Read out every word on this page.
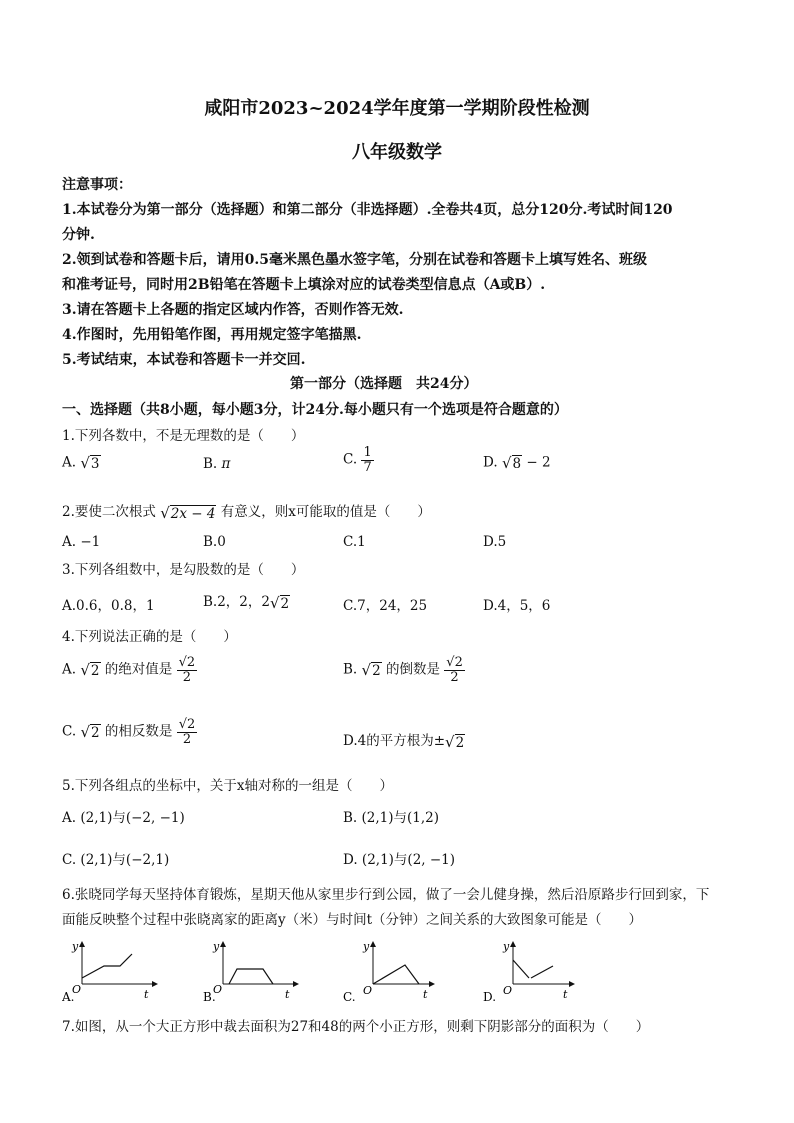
咸阳市2023~2024学年度第一学期阶段性检测
八年级数学
注意事项：
1.本试卷分为第一部分（选择题）和第二部分（非选择题）.全卷共4页，总分120分.考试时间120
分钟.
2.领到试卷和答题卡后，请用0.5毫米黑色墨水签字笔，分别在试卷和答题卡上填写姓名、班级
和准考证号，同时用2B铅笔在答题卡上填涂对应的试卷类型信息点（A或B）.
3.请在答题卡上各题的指定区域内作答，否则作答无效.
4.作图时，先用铅笔作图，再用规定签字笔描黑.
5.考试结束，本试卷和答题卡一并交回.
第一部分（选择题　共24分）
一、选择题（共8小题，每小题3分，计24分.每小题只有一个选项是符合题意的）
1.下列各数中，不是无理数的是（　　）
A. √3	B. π	C. $\frac{1}{7}$	D. √8 − 2
2.要使二次根式 √2x − 4 有意义，则x可能取的值是（　　）
A. −1	B.0	C.1	D.5
3.下列各组数中，是勾股数的是（　　）
A.0.6，0.8，1	B.2，2，2√2	C.7，24，25	D.4，5，6
4.下列说法正确的是（　　）
A. √2 的绝对值是 $\frac{√2}{2}$	B. √2 的倒数是 $\frac{√2}{2}$
C. √2 的相反数是 $\frac{√2}{2}$	D.4的平方根为±√2
5.下列各组点的坐标中，关于x轴对称的一组是（　　）
A. (2,1)与(−2, −1)	B. (2,1)与(1,2)
C. (2,1)与(−2,1)	D. (2,1)与(2, −1)
6.张晓同学每天坚持体育锻炼，星期天他从家里步行到公园，做了一会儿健身操，然后沿原路步行回到家，下
面能反映整个过程中张晓离家的距离y（米）与时间t（分钟）之间关系的大致图象可能是（　　）
y
O	t
A.
y
O	t
B.
y
O	t
C.
y
O	t
D.
7.如图，从一个大正方形中裁去面积为27和48的两个小正方形，则剩下阴影部分的面积为（　　）
